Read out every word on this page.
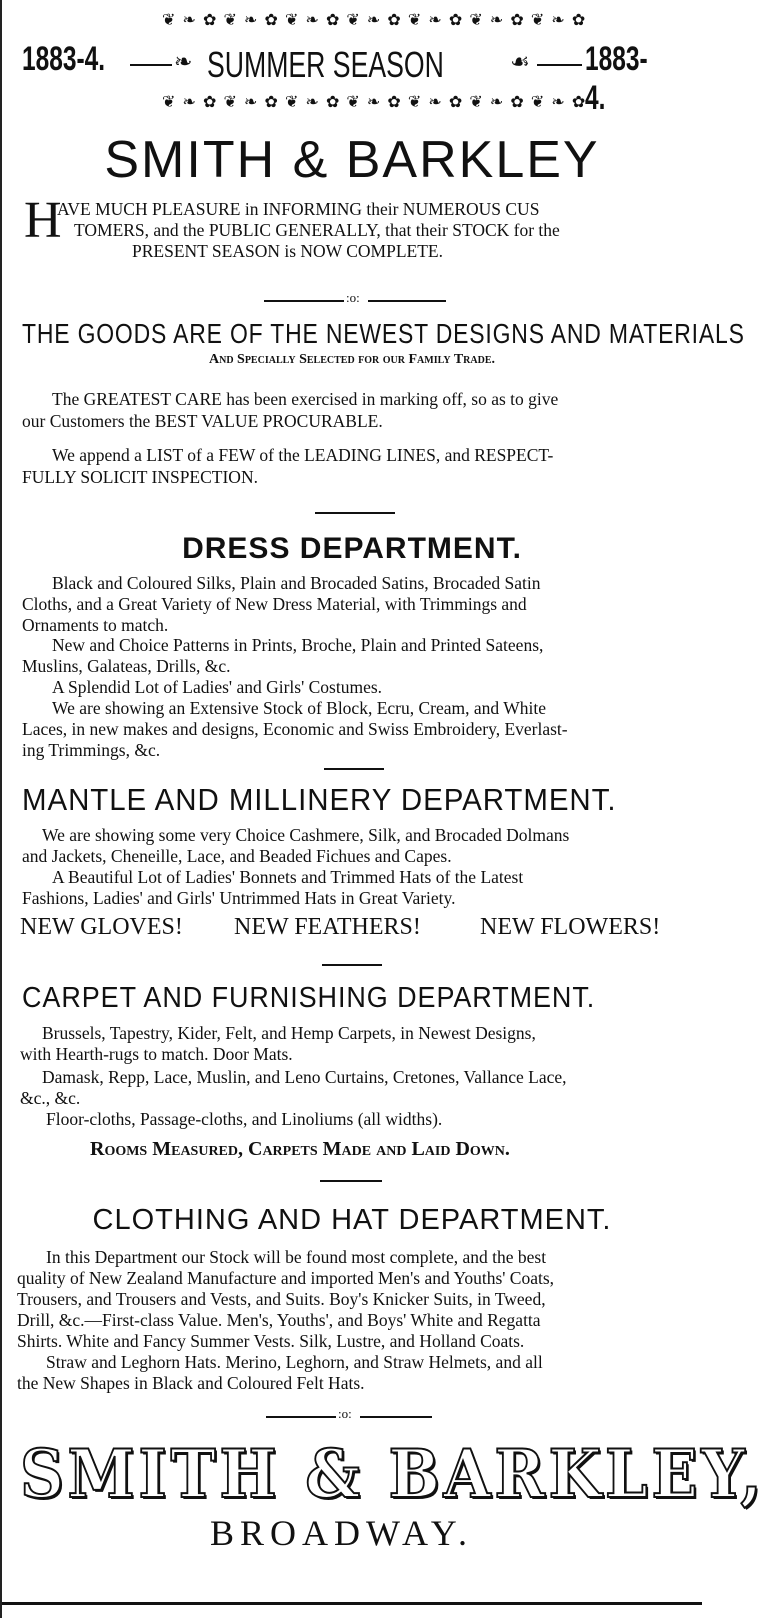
❦ ❧ ✿ ❦ ❧ ✿ ❦ ❧ ✿ ❦ ❧ ✿ ❦ ❧ ✿ ❦ ❧ ✿ ❦ ❧ ✿
❦ ❧ ✿ ❦ ❧ ✿ ❦ ❧ ✿ ❦ ❧ ✿ ❦ ❧ ✿ ❦ ❧ ✿ ❦ ❧ ✿
1883-4.	❧ SUMMER SEASON	☙ 1883-4.
SMITH & BARKLEY
H
AVE MUCH PLEASURE in INFORMING their NUMEROUS CUS
TOMERS, and the PUBLIC GENERALLY, that their STOCK for the
PRESENT SEASON is NOW COMPLETE.
:o:
THE GOODS ARE OF THE NEWEST DESIGNS AND MATERIALS
And Specially Selected for our Family Trade.
The GREATEST CARE has been exercised in marking off, so as to give
our Customers the BEST VALUE PROCURABLE.
We append a LIST of a FEW of the LEADING LINES, and RESPECT-
FULLY SOLICIT INSPECTION.
DRESS DEPARTMENT.
Black and Coloured Silks, Plain and Brocaded Satins, Brocaded Satin
Cloths, and a Great Variety of New Dress Material, with Trimmings and
Ornaments to match.
New and Choice Patterns in Prints, Broche, Plain and Printed Sateens,
Muslins, Galateas, Drills, &c.
A Splendid Lot of Ladies' and Girls' Costumes.
We are showing an Extensive Stock of Block, Ecru, Cream, and White
Laces, in new makes and designs, Economic and Swiss Embroidery, Everlast-
ing Trimmings, &c.
MANTLE AND MILLINERY DEPARTMENT.
We are showing some very Choice Cashmere, Silk, and Brocaded Dolmans
and Jackets, Cheneille, Lace, and Beaded Fichues and Capes.
A Beautiful Lot of Ladies' Bonnets and Trimmed Hats of the Latest
Fashions, Ladies' and Girls' Untrimmed Hats in Great Variety.
NEW GLOVES! NEW FEATHERS! NEW FLOWERS!
CARPET AND FURNISHING DEPARTMENT.
Brussels, Tapestry, Kider, Felt, and Hemp Carpets, in Newest Designs,
with Hearth-rugs to match. Door Mats.
Damask, Repp, Lace, Muslin, and Leno Curtains, Cretones, Vallance Lace,
&c., &c.
Floor-cloths, Passage-cloths, and Linoliums (all widths).
Rooms Measured, Carpets Made and Laid Down.
CLOTHING AND HAT DEPARTMENT.
In this Department our Stock will be found most complete, and the best
quality of New Zealand Manufacture and imported Men's and Youths' Coats,
Trousers, and Trousers and Vests, and Suits. Boy's Knicker Suits, in Tweed,
Drill, &c.—First-class Value. Men's, Youths', and Boys' White and Regatta
Shirts. White and Fancy Summer Vests. Silk, Lustre, and Holland Coats.
Straw and Leghorn Hats. Merino, Leghorn, and Straw Helmets, and all
the New Shapes in Black and Coloured Felt Hats.
:o:
SMITH & BARKLEY,
BROADWAY.
